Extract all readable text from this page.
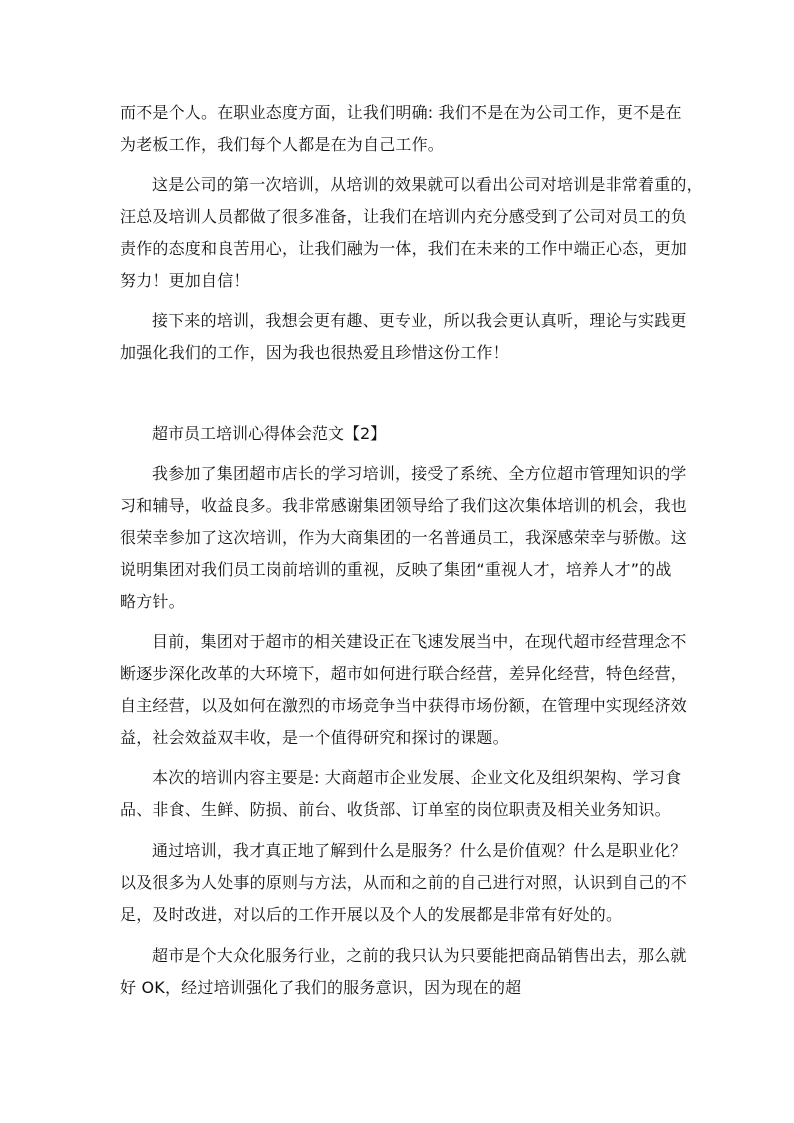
而不是个人。在职业态度方面，让我们明确: 我们不是在为公司工作，更不是在
为老板工作，我们每个人都是在为自己工作。
这是公司的第一次培训，从培训的效果就可以看出公司对培训是非常着重的，
汪总及培训人员都做了很多准备，让我们在培训内充分感受到了公司对员工的负
责作的态度和良苦用心，让我们融为一体，我们在未来的工作中端正心态，更加
努力！更加自信！
接下来的培训，我想会更有趣、更专业，所以我会更认真听，理论与实践更
加强化我们的工作，因为我也很热爱且珍惜这份工作！

超市员工培训心得体会范文【2】

我参加了集团超市店长的学习培训，接受了系统、全方位超市管理知识的学
习和辅导，收益良多。我非常感谢集团领导给了我们这次集体培训的机会，我也
很荣幸参加了这次培训，作为大商集团的一名普通员工，我深感荣幸与骄傲。这
说明集团对我们员工岗前培训的重视，反映了集团“重视人才，培养人才”的战
略方针。
目前，集团对于超市的相关建设正在飞速发展当中，在现代超市经营理念不
断逐步深化改革的大环境下，超市如何进行联合经营，差异化经营，特色经营，
自主经营，以及如何在激烈的市场竞争当中获得市场份额，在管理中实现经济效
益，社会效益双丰收，是一个值得研究和探讨的课题。
本次的培训内容主要是: 大商超市企业发展、企业文化及组织架构、学习食
品、非食、生鲜、防损、前台、收货部、订单室的岗位职责及相关业务知识。
通过培训，我才真正地了解到什么是服务？什么是价值观？什么是职业化？
以及很多为人处事的原则与方法，从而和之前的自己进行对照，认识到自己的不
足，及时改进，对以后的工作开展以及个人的发展都是非常有好处的。
超市是个大众化服务行业，之前的我只认为只要能把商品销售出去，那么就
好 OK，经过培训强化了我们的服务意识，因为现在的超
